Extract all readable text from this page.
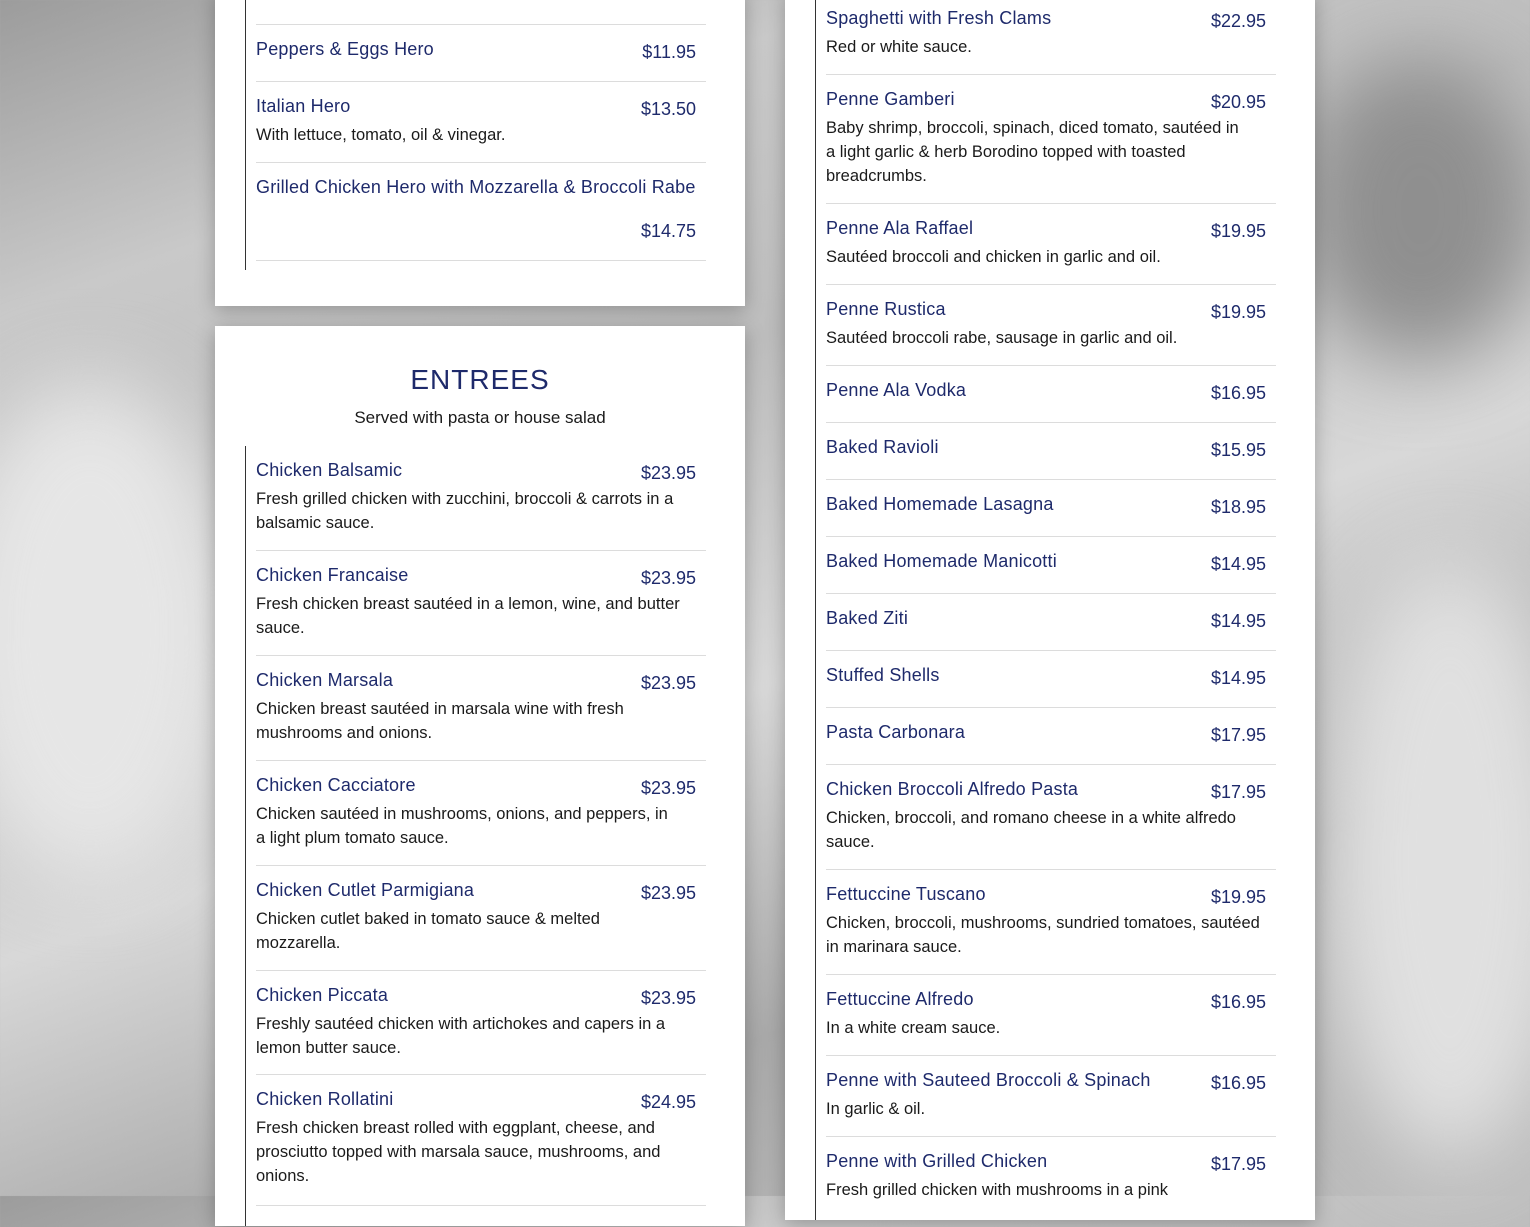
Peppers & Eggs Hero	$11.95
Italian Hero	$13.50
With lettuce, tomato, oil & vinegar.
Grilled Chicken Hero with Mozzarella & Broccoli Rabe
$14.75
ENTREES
Served with pasta or house salad
Chicken Balsamic	$23.95
Fresh grilled chicken with zucchini, broccoli & carrots in a balsamic sauce.
Chicken Francaise	$23.95
Fresh chicken breast sautéed in a lemon, wine, and butter sauce.
Chicken Marsala	$23.95
Chicken breast sautéed in marsala wine with fresh mushrooms and onions.
Chicken Cacciatore	$23.95
Chicken sautéed in mushrooms, onions, and peppers, in a light plum tomato sauce.
Chicken Cutlet Parmigiana	$23.95
Chicken cutlet baked in tomato sauce & melted mozzarella.
Chicken Piccata	$23.95
Freshly sautéed chicken with artichokes and capers in a lemon butter sauce.
Chicken Rollatini	$24.95
Fresh chicken breast rolled with eggplant, cheese, and prosciutto topped with marsala sauce, mushrooms, and onions.
Spaghetti with Fresh Clams	$22.95
Red or white sauce.
Penne Gamberi	$20.95
Baby shrimp, broccoli, spinach, diced tomato, sautéed in a light garlic & herb Borodino topped with toasted breadcrumbs.
Penne Ala Raffael	$19.95
Sautéed broccoli and chicken in garlic and oil.
Penne Rustica	$19.95
Sautéed broccoli rabe, sausage in garlic and oil.
Penne Ala Vodka	$16.95
Baked Ravioli	$15.95
Baked Homemade Lasagna	$18.95
Baked Homemade Manicotti	$14.95
Baked Ziti	$14.95
Stuffed Shells	$14.95
Pasta Carbonara	$17.95
Chicken Broccoli Alfredo Pasta	$17.95
Chicken, broccoli, and romano cheese in a white alfredo sauce.
Fettuccine Tuscano	$19.95
Chicken, broccoli, mushrooms, sundried tomatoes, sautéed in marinara sauce.
Fettuccine Alfredo	$16.95
In a white cream sauce.
Penne with Sauteed Broccoli & Spinach	$16.95
In garlic & oil.
Penne with Grilled Chicken	$17.95
Fresh grilled chicken with mushrooms in a pink
